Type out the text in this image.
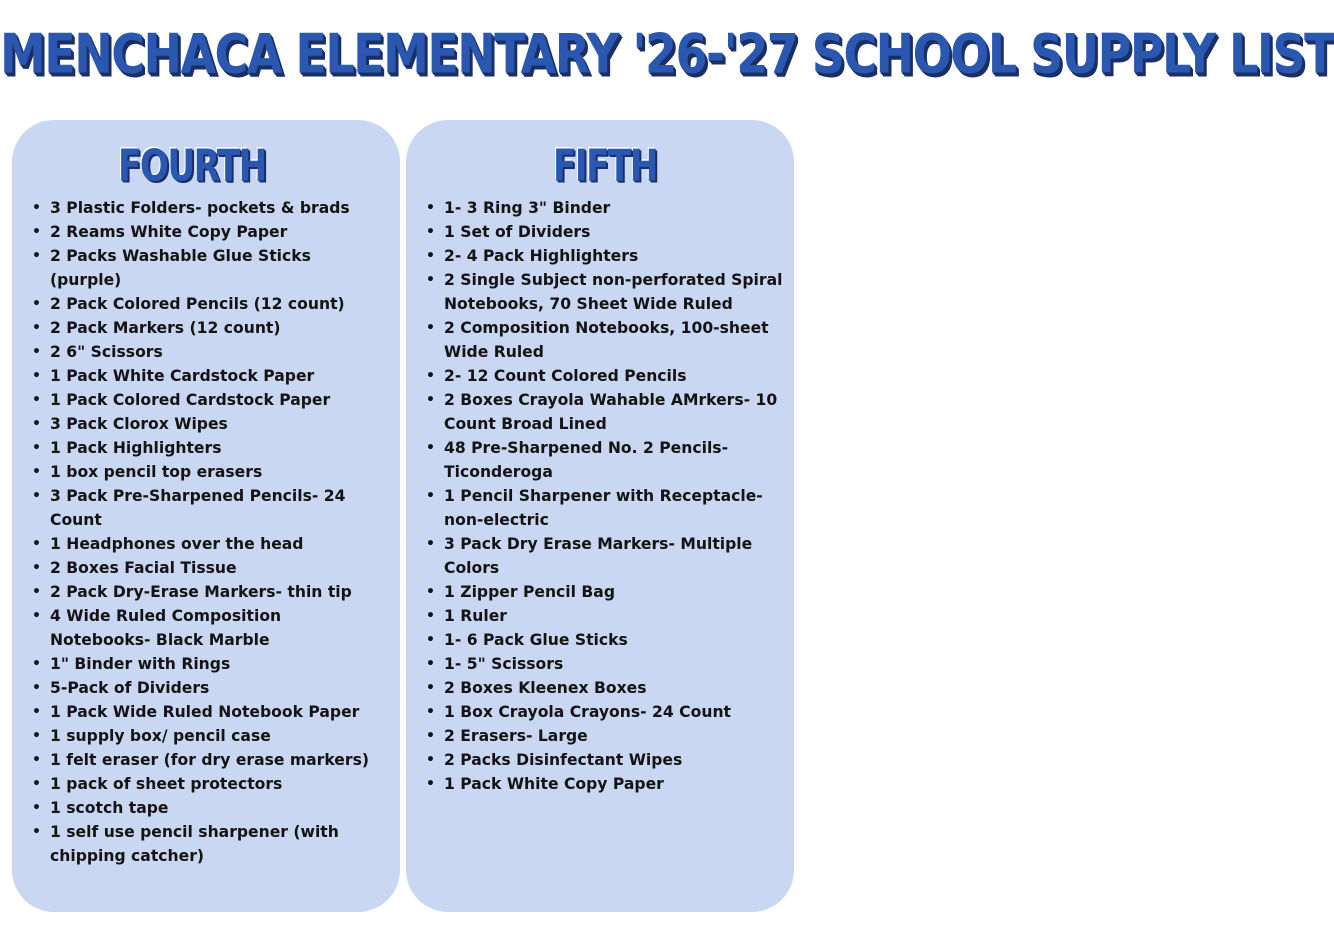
MENCHACA ELEMENTARY '26-'27 SCHOOL SUPPLY LIST
FOURTH
• 3 Plastic Folders- pockets & brads
• 2 Reams White Copy Paper
• 2 Packs Washable Glue Sticks (purple)
• 2 Pack Colored Pencils (12 count)
• 2 Pack Markers (12 count)
• 2 6" Scissors
• 1 Pack White Cardstock Paper
• 1 Pack Colored Cardstock Paper
• 3 Pack Clorox Wipes
• 1 Pack Highlighters
• 1 box pencil top erasers
• 3 Pack Pre-Sharpened Pencils- 24 Count
• 1 Headphones over the head
• 2 Boxes Facial Tissue
• 2 Pack Dry-Erase Markers- thin tip
• 4 Wide Ruled Composition Notebooks- Black Marble
• 1" Binder with Rings
• 5-Pack of Dividers
• 1 Pack Wide Ruled Notebook Paper
• 1 supply box/ pencil case
• 1 felt eraser (for dry erase markers)
• 1 pack of sheet protectors
• 1 scotch tape
• 1 self use pencil sharpener (with chipping catcher)
FIFTH
• 1- 3 Ring 3" Binder
• 1 Set of Dividers
• 2- 4 Pack Highlighters
• 2 Single Subject non-perforated Spiral Notebooks, 70 Sheet Wide Ruled
• 2 Composition Notebooks, 100-sheet Wide Ruled
• 2- 12 Count Colored Pencils
• 2 Boxes Crayola Wahable AMrkers- 10 Count Broad Lined
• 48 Pre-Sharpened No. 2 Pencils- Ticonderoga
• 1 Pencil Sharpener with Receptacle- non-electric
• 3 Pack Dry Erase Markers- Multiple Colors
• 1 Zipper Pencil Bag
• 1 Ruler
• 1- 6 Pack Glue Sticks
• 1- 5" Scissors
• 2 Boxes Kleenex Boxes
• 1 Box Crayola Crayons- 24 Count
• 2 Erasers- Large
• 2 Packs Disinfectant Wipes
• 1 Pack White Copy Paper
